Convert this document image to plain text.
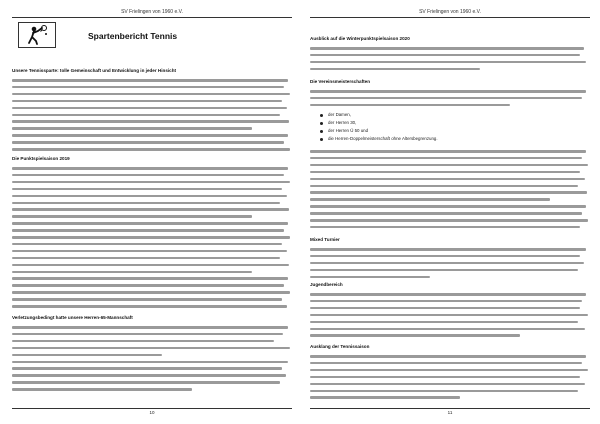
SV Frielingen von 1960 e.V.
Spartenbericht Tennis
Unsere Tennissparte: tolle Gemeinschaft und Entwicklung in jeder Hinsicht
Die Punktspielsaison 2019
Verletzungsbedingt hatte unsere Herren-65-Mannschaft
10
SV Frielingen von 1960 e.V.
Ausblick auf die Winterpunktspielsaison 2020
Die Vereinsmeisterschaften
der Damen,
der Herren 30,
der Herren Ü 50 und
die Herren-Doppelmeisterschaft ohne Altersbegrenzung.
Mixed Turnier
Jugendbereich
Ausklang der Tennissaison
11
